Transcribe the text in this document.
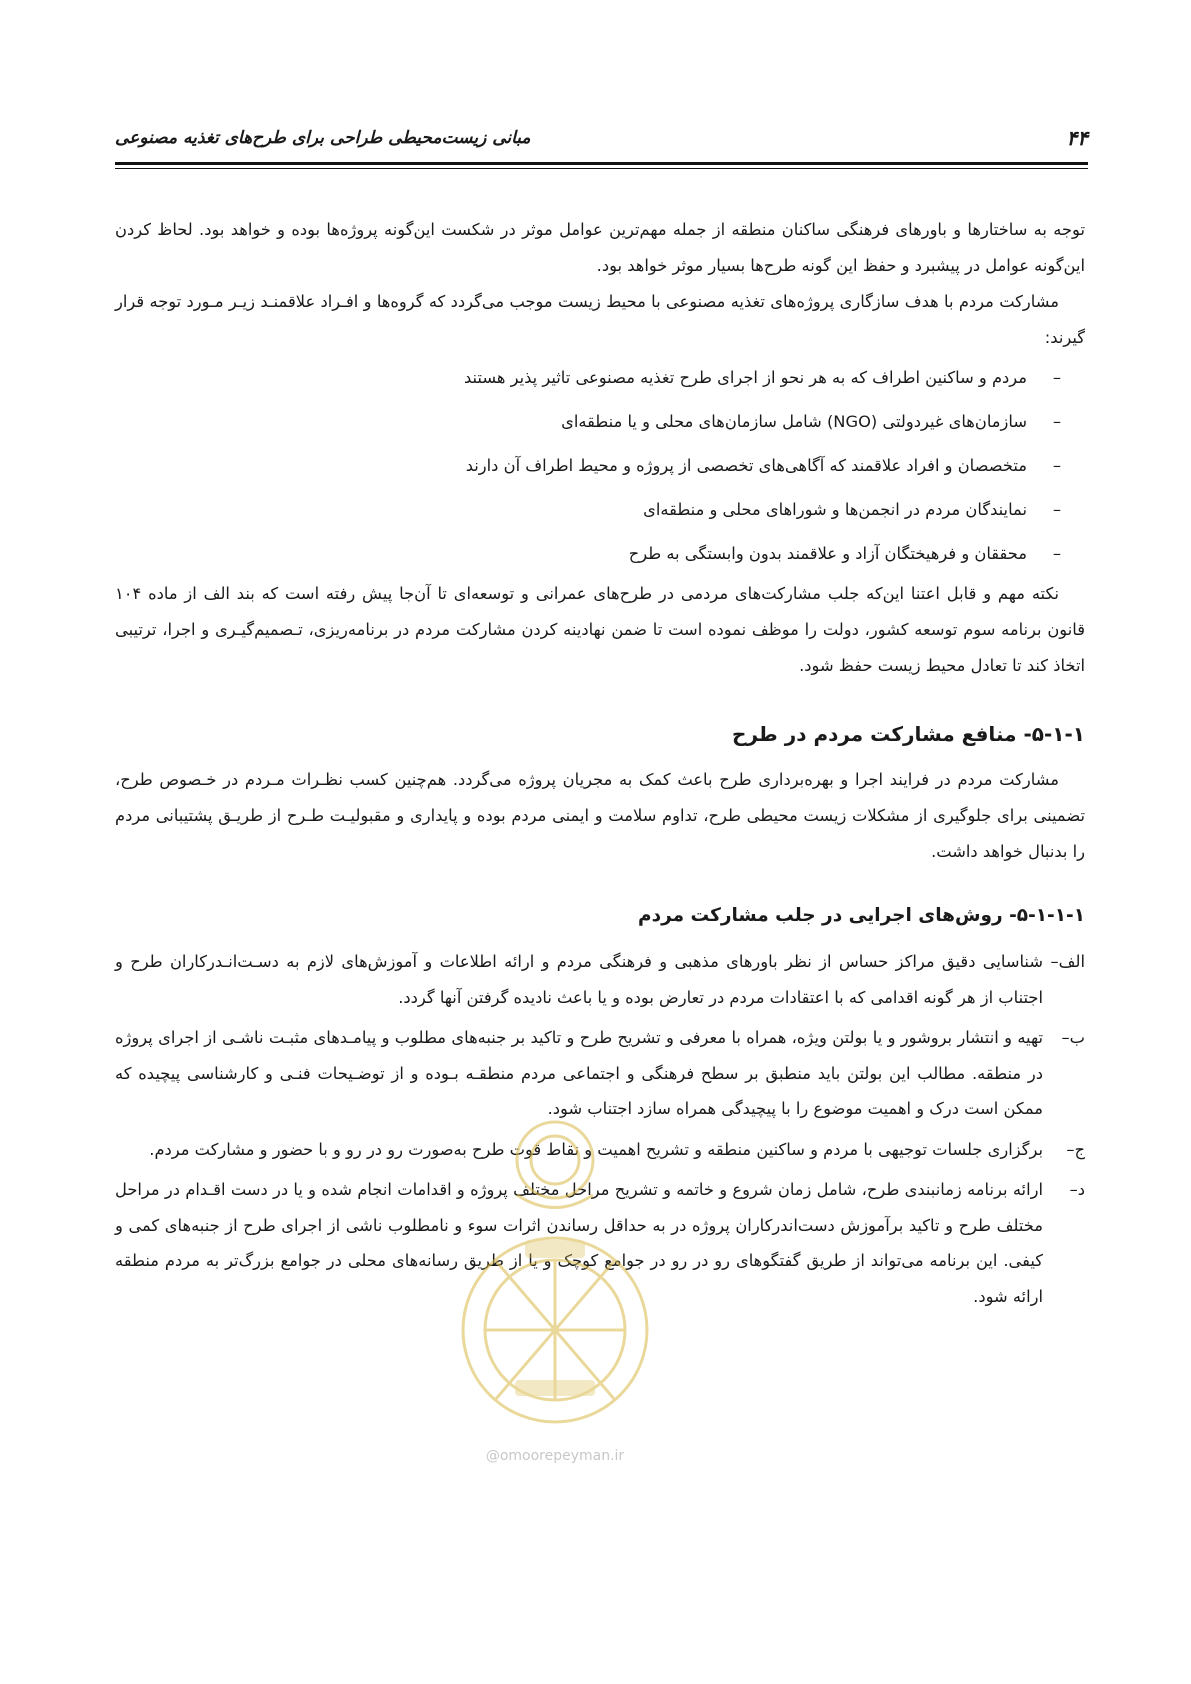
۴۴
مبانی زیست‌محیطی طراحی برای طرح‌های تغذیه مصنوعی

توجه به ساختارها و باورهای فرهنگی ساکنان منطقه از جمله مهم‌ترین عوامل موثر در شکست این‌گونه پروژه‌ها بوده و خواهد بود. لحاظ کردن این‌گونه عوامل در پیشبرد و حفظ این گونه طرح‌ها بسیار موثر خواهد بود.

مشارکت مردم با هدف سازگاری پروژه‌های تغذیه مصنوعی با محیط زیست موجب می‌گردد که گروه‌ها و افـراد علاقمنـد زیـر مـورد توجه قرار گیرند:

– مردم و ساکنین اطراف که به هر نحو از اجرای طرح تغذیه مصنوعی تاثیر پذیر هستند
– سازمان‌های غیردولتی (NGO) شامل سازمان‌های محلی و یا منطقه‌ای
– متخصصان و افراد علاقمند که آگاهی‌های تخصصی از پروژه و محیط اطراف آن دارند
– نمایندگان مردم در انجمن‌ها و شوراهای محلی و منطقه‌ای
– محققان و فرهیختگان آزاد و علاقمند بدون وابستگی به طرح

نکته مهم و قابل اعتنا این‌که جلب مشارکت‌های مردمی در طرح‌های عمرانی و توسعه‌ای تا آن‌جا پیش رفته است که بند الف از ماده ۱۰۴ قانون برنامه سوم توسعه کشور، دولت را موظف نموده است تا ضمن نهادینه کردن مشارکت مردم در برنامه‌ریزی، تـصمیم‌گیـری و اجرا، ترتیبی اتخاذ کند تا تعادل محیط زیست حفظ شود.

۵-۱-۱- منافع مشارکت مردم در طرح

مشارکت مردم در فرایند اجرا و بهره‌برداری طرح باعث کمک به مجریان پروژه می‌گردد. هم‌چنین کسب نظـرات مـردم در خـصوص طرح، تضمینی برای جلوگیری از مشکلات زیست محیطی طرح، تداوم سلامت و ایمنی مردم بوده و پایداری و مقبولیـت طـرح از طریـق پشتیبانی مردم را بدنبال خواهد داشت.

۵-۱-۱-۱- روش‌های اجرایی در جلب مشارکت مردم
الف–
شناسایی دقیق مراکز حساس از نظر باورهای مذهبی و فرهنگی مردم و ارائه اطلاعات و آموزش‌های لازم به دسـت‌انـدرکاران طرح و اجتناب از هر گونه اقدامی که با اعتقادات مردم در تعارض بوده و یا باعث نادیده گرفتن آنها گردد.
ب–
تهیه و انتشار بروشور و یا بولتن ویژه، همراه با معرفی و تشریح طرح و تاکید بر جنبه‌های مطلوب و پیامـدهای مثبـت ناشـی از اجرای پروژه در منطقه. مطالب این بولتن باید منطبق بر سطح فرهنگی و اجتماعی مردم منطقـه بـوده و از توضـیحات فنـی و کارشناسی پیچیده که ممکن است درک و اهمیت موضوع را با پیچیدگی همراه سازد اجتناب شود.
ج–
برگزاری جلسات توجیهی با مردم و ساکنین منطقه و تشریح اهمیت و نقاط قوت طرح به‌صورت رو در رو و با حضور و مشارکت مردم.
د–
ارائه برنامه زمانبندی طرح، شامل زمان شروع و خاتمه و تشریح مراحل مختلف پروژه و اقدامات انجام شده و یا در دست اقـدام در مراحل مختلف طرح و تاکید برآموزش دست‌اندرکاران پروژه در به حداقل رساندن اثرات سوء و نامطلوب ناشی از اجرای طرح از جنبه‌های کمی و کیفی. این برنامه می‌تواند از طریق گفتگوهای رو در رو در جوامع کوچک و یا از طریق رسانه‌های محلی در جوامع بزرگ‌تر به مردم منطقه ارائه شود.
@omoorepeyman.ir
